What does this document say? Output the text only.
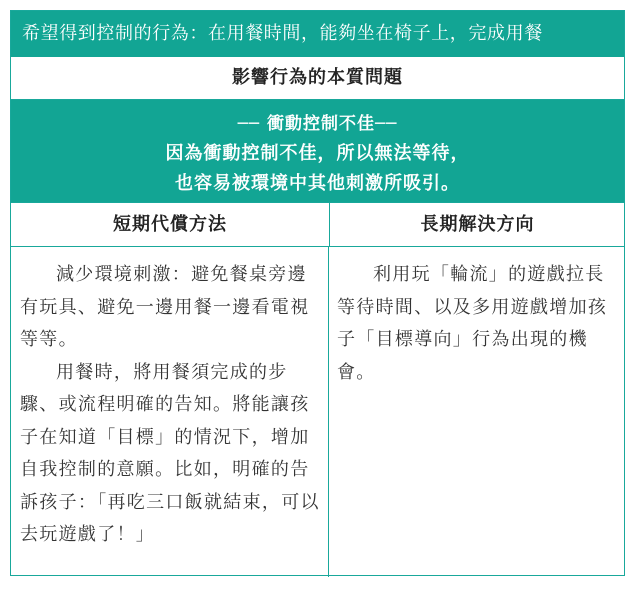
希望得到控制的行為：在用餐時間，能夠坐在椅子上，完成用餐
影響行為的本質問題
── 衝動控制不佳──
因為衝動控制不佳，所以無法等待，
也容易被環境中其他刺激所吸引。
短期代償方法	長期解決方向

減少環境刺激：避免餐桌旁邊有玩具、避免一邊用餐一邊看電視等等。

用餐時，將用餐須完成的步驟、或流程明確的告知。將能讓孩子在知道「目標」的情況下，增加自我控制的意願。比如，明確的告訴孩子：「再吃三口飯就結束，可以去玩遊戲了！」

利用玩「輪流」的遊戲拉長等待時間、以及多用遊戲增加孩子「目標導向」行為出現的機會。
